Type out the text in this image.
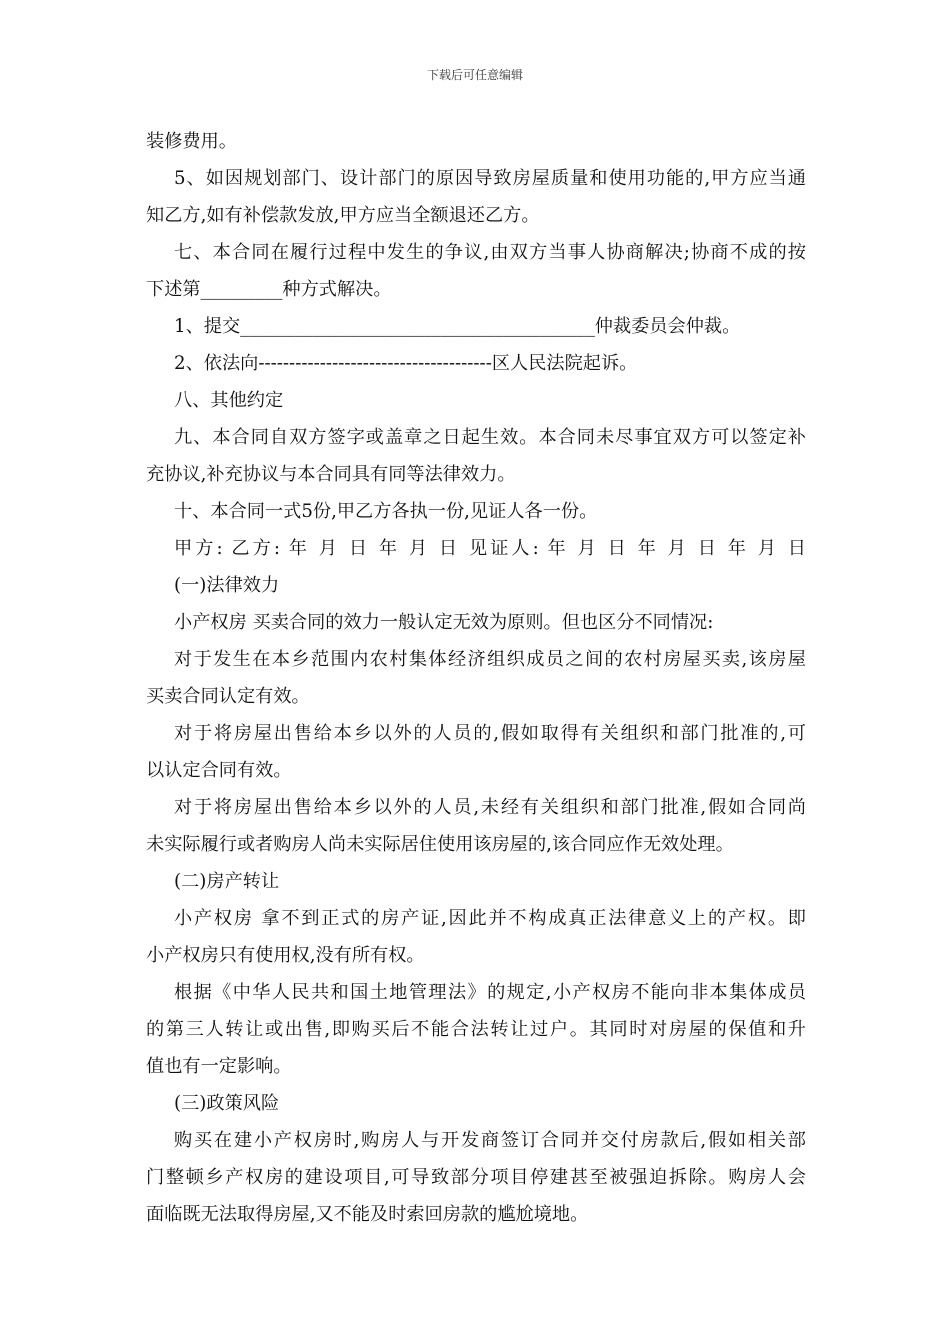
下载后可任意编辑

装修费用。

5、如因规划部门、设计部门的原因导致房屋质量和使用功能的,甲方应当通

知乙方,如有补偿款发放,甲方应当全额退还乙方。

七、本合同在履行过程中发生的争议,由双方当事人协商解决;协商不成的按

下述第_________种方式解决。

1、提交_______________________________________仲裁委员会仲裁。

2、依法向--------------------------------------区人民法院起诉。

八、其他约定

九、本合同自双方签字或盖章之日起生效。本合同未尽事宜双方可以签定补

充协议,补充协议与本合同具有同等法律效力。

十、本合同一式5份,甲乙方各执一份,见证人各一份。

甲方: 乙方: 年 月 日 年 月 日 见证人: 年 月 日 年 月 日 年 月 日

(一)法律效力

小产权房 买卖合同的效力一般认定无效为原则。但也区分不同情况:

对于发生在本乡范围内农村集体经济组织成员之间的农村房屋买卖,该房屋

买卖合同认定有效。

对于将房屋出售给本乡以外的人员的,假如取得有关组织和部门批准的,可

以认定合同有效。

对于将房屋出售给本乡以外的人员,未经有关组织和部门批准,假如合同尚

未实际履行或者购房人尚未实际居住使用该房屋的,该合同应作无效处理。

(二)房产转让

小产权房 拿不到正式的房产证,因此并不构成真正法律意义上的产权。即

小产权房只有使用权,没有所有权。

根据《中华人民共和国土地管理法》的规定,小产权房不能向非本集体成员

的第三人转让或出售,即购买后不能合法转让过户。其同时对房屋的保值和升

值也有一定影响。

(三)政策风险

购买在建小产权房时,购房人与开发商签订合同并交付房款后,假如相关部

门整顿乡产权房的建设项目,可导致部分项目停建甚至被强迫拆除。购房人会

面临既无法取得房屋,又不能及时索回房款的尴尬境地。
